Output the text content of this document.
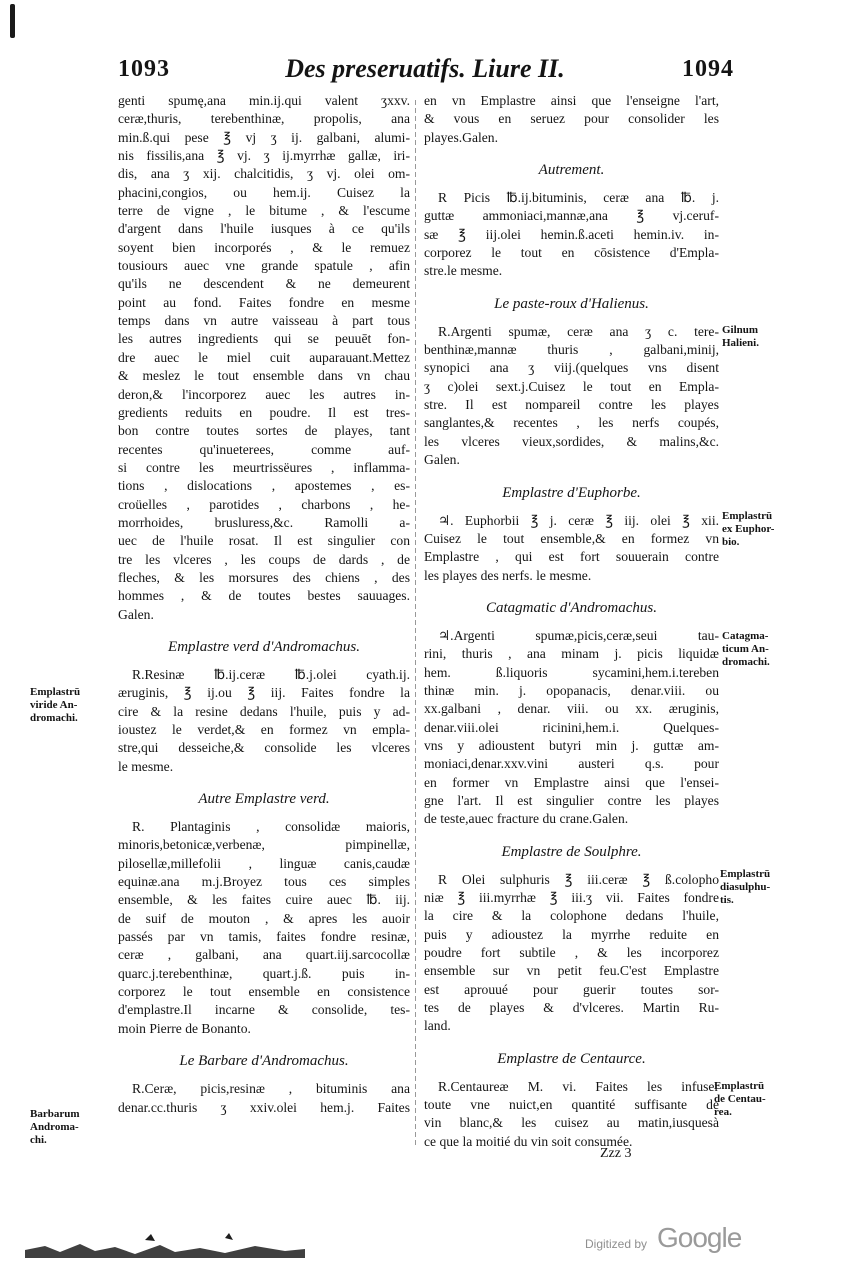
1093	Des preseruatifs. Liure II.	1094
genti spumę,ana min.ij.qui valent ʒxxv.
ceræ,thuris, terebenthinæ, propolis, ana
min.ß.qui pese ℥ vj ʒ ij. galbani, alumi-
nis fissilis,ana ℥ vj. ʒ ij.myrrhæ gallæ, iri-
dis, ana ʒ xij. chalcitidis, ʒ vj. olei om-
phacini,congios, ou hem.ij. Cuisez la
terre de vigne , le bitume , & l'escume
d'argent dans l'huile iusques à ce qu'ils
soyent bien incorporés , & le remuez
tousiours auec vne grande spatule , afin
qu'ils ne descendent & ne demeurent
point au fond. Faites fondre en mesme
temps dans vn autre vaisseau à part tous
les autres ingredients qui se peuuēt fon-
dre auec le miel cuit auparauant.Mettez
& meslez le tout ensemble dans vn chau
deron,& l'incorporez auec les autres in-
gredients reduits en poudre. Il est tres-
bon contre toutes sortes de playes, tant
recentes qu'inueterees, comme auf-
si contre les meurtrissëures , inflamma-
tions , dislocations , apostemes , es-
croüelles , parotides , charbons , he-
morrhoides, brusluress,&c. Ramolli a-
uec de l'huile rosat. Il est singulier con
tre les vlceres , les coups de dards , de
fleches, & les morsures des chiens , des
hommes , & de toutes bestes sauuages.
Galen.
Emplastre verd d'Andromachus.
R.Resinæ ℔.ij.ceræ ℔.j.olei cyath.ij.
æruginis, ℥ ij.ou ℥ iij. Faites fondre la
cire & la resine dedans l'huile, puis y ad-
ioustez le verdet,& en formez vn empla-
stre,qui desseiche,& consolide les vlceres
le mesme.
Autre Emplastre verd.
R. Plantaginis , consolidæ maioris,
minoris,betonicæ,verbenæ, pimpinellæ,
pilosellæ,millefolii , linguæ canis,caudæ
equinæ.ana m.j.Broyez tous ces simples
ensemble, & les faites cuire auec ℔. iij.
de suif de mouton , & apres les auoir
passés par vn tamis, faites fondre resinæ,
ceræ , galbani, ana quart.iij.sarcocollæ
quarc.j.terebenthinæ, quart.j.ß. puis in-
corporez le tout ensemble en consistence
d'emplastre.Il incarne & consolide, tes-
moin Pierre de Bonanto.
Le Barbare d'Andromachus.
R.Ceræ, picis,resinæ , bituminis ana
denar.cc.thuris ʒ xxiv.olei hem.j. Faites
en vn Emplastre ainsi que l'enseigne l'art,
& vous en seruez pour consolider les
playes.Galen.
Autrement.
R Picis ℔.ij.bituminis, ceræ ana ℔. j.
guttæ ammoniaci,mannæ,ana ℥ vj.ceruf-
sæ ℥ iij.olei hemin.ß.aceti hemin.iv. in-
corporez le tout en cōsistence d'Empla-
stre.le mesme.
Le paste-roux d'Halienus.
R.Argenti spumæ, ceræ ana ʒ c. tere-
benthinæ,mannæ thuris , galbani,minij,
synopici ana ʒ viij.(quelques vns disent
ʒ c)olei sext.j.Cuisez le tout en Empla-
stre. Il est nompareil contre les playes
sanglantes,& recentes , les nerfs coupés,
les vlceres vieux,sordides, & malins,&c.
Galen.
Emplastre d'Euphorbe.
♃. Euphorbii ℥ j. ceræ ℥ iij. olei ℥ xii.
Cuisez le tout ensemble,& en formez vn
Emplastre , qui est fort souuerain contre
les playes des nerfs. le mesme.
Catagmatic d'Andromachus.
♃.Argenti spumæ,picis,ceræ,seui tau-
rini, thuris , ana minam j. picis liquidæ
hem. ß.liquoris sycamini,hem.i.tereben
thinæ min. j. opopanacis, denar.viii. ou
xx.galbani , denar. viii. ou xx. æruginis,
denar.viii.olei ricinini,hem.i. Quelques-
vns y adioustent butyri min j. guttæ am-
moniaci,denar.xxv.vini austeri q.s. pour
en former vn Emplastre ainsi que l'ensei-
gne l'art. Il est singulier contre les playes
de teste,auec fracture du crane.Galen.
Emplastre de Soulphre.
R Olei sulphuris ℥ iii.ceræ ℥ ß.colopho
niæ ℥ iii.myrrhæ ℥ iii.ʒ vii. Faites fondre
la cire & la colophone dedans l'huile,
puis y adioustez la myrrhe reduite en
poudre fort subtile , & les incorporez
ensemble sur vn petit feu.C'est Emplastre
est aprouué pour guerir toutes sor-
tes de playes & d'vlceres. Martin Ru-
land.
Emplastre de Centaurce.
R.Centaureæ M. vi. Faites les infuser
toute vne nuict,en quantité suffisante de
vin blanc,& les cuisez au matin,iusquesà
ce que la moitié du vin soit consumée.
Emplastrū
viride An-
dromachi.
Barbarum
Androma-
chi.
Gilnum
Halieni.
Emplastrū
ex Euphor-
bio.
Catagma-
ticum An-
dromachi.
Emplastrū
diasulphu-
tis.
Emplastrū
de Centau-
rea.
Zzz 3
Digitized by Google
